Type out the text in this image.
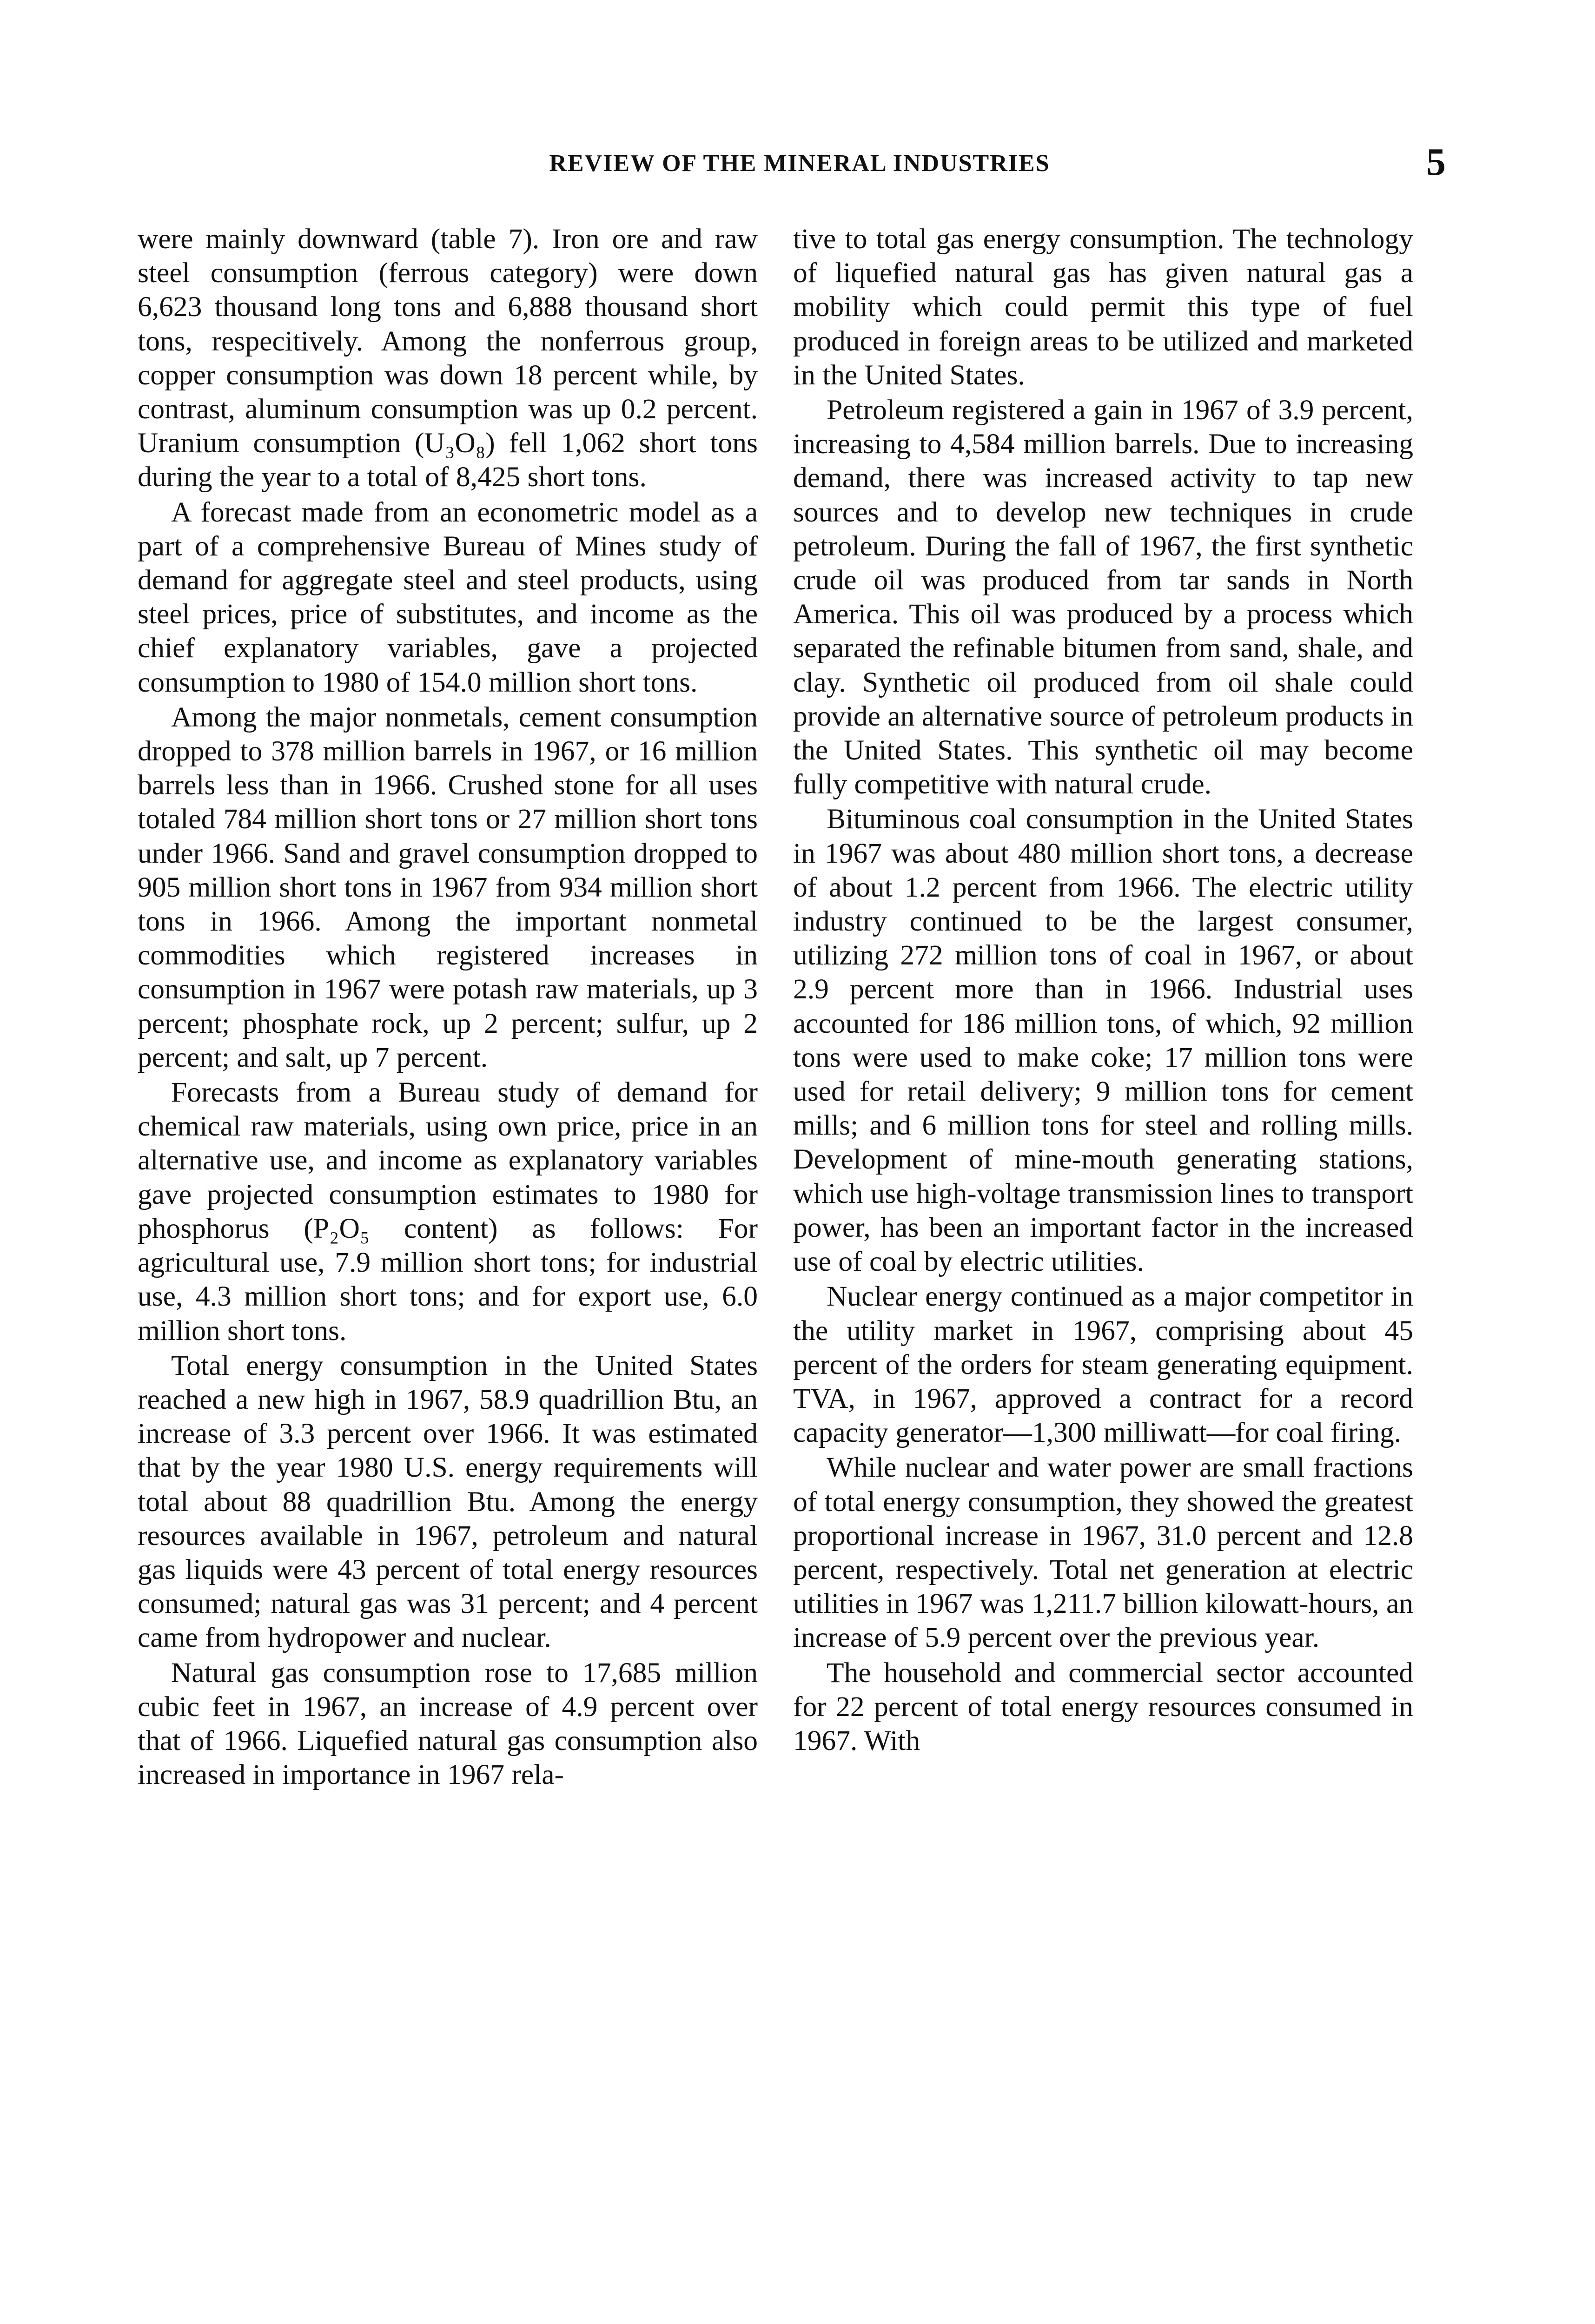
REVIEW OF THE MINERAL INDUSTRIES	5

were mainly downward (table 7). Iron ore and raw steel consumption (ferrous category) were down 6,623 thousand long tons and 6,888 thousand short tons, respecitively. Among the nonferrous group, copper consumption was down 18 percent while, by contrast, aluminum consumption was up 0.2 percent. Uranium consumption (U₃O₈) fell 1,062 short tons during the year to a total of 8,425 short tons.

A forecast made from an econometric model as a part of a comprehensive Bureau of Mines study of demand for aggregate steel and steel products, using steel prices, price of substitutes, and income as the chief explanatory variables, gave a projected consumption to 1980 of 154.0 million short tons.

Among the major nonmetals, cement consumption dropped to 378 million barrels in 1967, or 16 million barrels less than in 1966. Crushed stone for all uses totaled 784 million short tons or 27 million short tons under 1966. Sand and gravel consumption dropped to 905 million short tons in 1967 from 934 million short tons in 1966. Among the important nonmetal commodities which registered increases in consumption in 1967 were potash raw materials, up 3 percent; phosphate rock, up 2 percent; sulfur, up 2 percent; and salt, up 7 percent.

Forecasts from a Bureau study of demand for chemical raw materials, using own price, price in an alternative use, and income as explanatory variables gave projected consumption estimates to 1980 for phosphorus (P₂O₅ content) as follows: For agricultural use, 7.9 million short tons; for industrial use, 4.3 million short tons; and for export use, 6.0 million short tons.

Total energy consumption in the United States reached a new high in 1967, 58.9 quadrillion Btu, an increase of 3.3 percent over 1966. It was estimated that by the year 1980 U.S. energy requirements will total about 88 quadrillion Btu. Among the energy resources available in 1967, petroleum and natural gas liquids were 43 percent of total energy resources consumed; natural gas was 31 percent; and 4 percent came from hydropower and nuclear.

Natural gas consumption rose to 17,685 million cubic feet in 1967, an increase of 4.9 percent over that of 1966. Liquefied natural gas consumption also increased in importance in 1967 rela-

tive to total gas energy consumption. The technology of liquefied natural gas has given natural gas a mobility which could permit this type of fuel produced in foreign areas to be utilized and marketed in the United States.

Petroleum registered a gain in 1967 of 3.9 percent, increasing to 4,584 million barrels. Due to increasing demand, there was increased activity to tap new sources and to develop new techniques in crude petroleum. During the fall of 1967, the first synthetic crude oil was produced from tar sands in North America. This oil was produced by a process which separated the refinable bitumen from sand, shale, and clay. Synthetic oil produced from oil shale could provide an alternative source of petroleum products in the United States. This synthetic oil may become fully competitive with natural crude.

Bituminous coal consumption in the United States in 1967 was about 480 million short tons, a decrease of about 1.2 percent from 1966. The electric utility industry continued to be the largest consumer, utilizing 272 million tons of coal in 1967, or about 2.9 percent more than in 1966. Industrial uses accounted for 186 million tons, of which, 92 million tons were used to make coke; 17 million tons were used for retail delivery; 9 million tons for cement mills; and 6 million tons for steel and rolling mills. Development of mine-mouth generating stations, which use high-voltage transmission lines to transport power, has been an important factor in the increased use of coal by electric utilities.

Nuclear energy continued as a major competitor in the utility market in 1967, comprising about 45 percent of the orders for steam generating equipment. TVA, in 1967, approved a contract for a record capacity generator—1,300 milliwatt—for coal firing.

While nuclear and water power are small fractions of total energy consumption, they showed the greatest proportional increase in 1967, 31.0 percent and 12.8 percent, respectively. Total net generation at electric utilities in 1967 was 1,211.7 billion kilowatt-hours, an increase of 5.9 percent over the previous year.

The household and commercial sector accounted for 22 percent of total energy resources consumed in 1967. With
